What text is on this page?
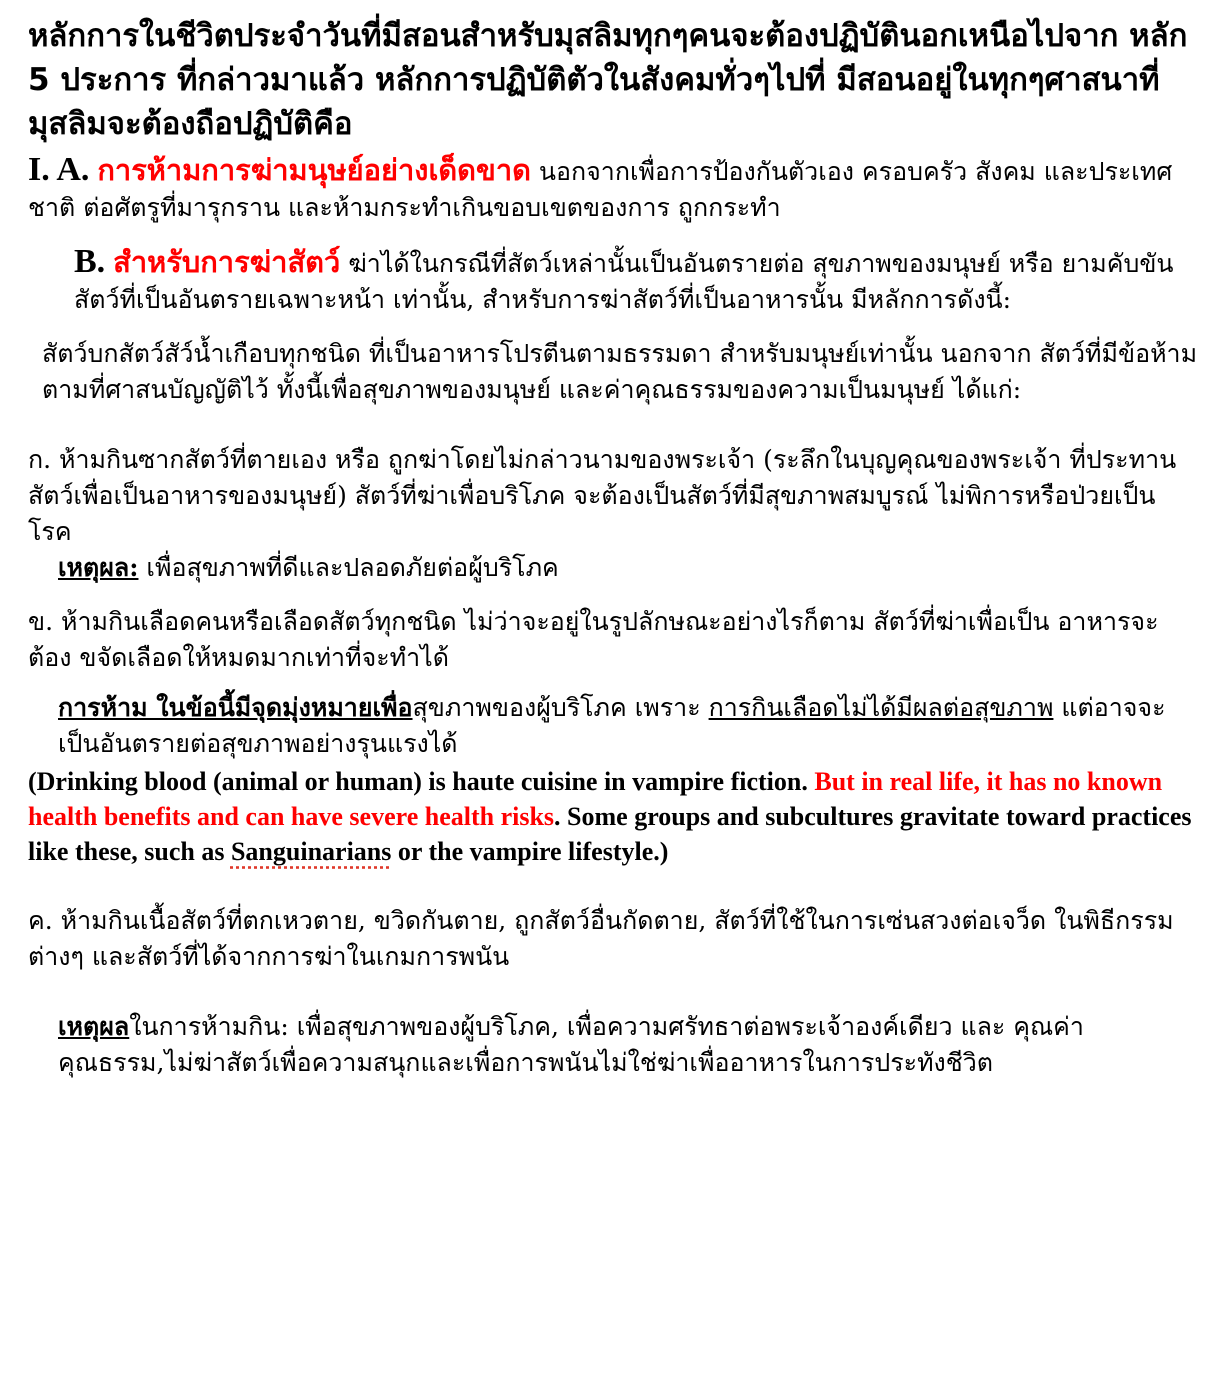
หลักการในชีวิตประจำวันที่มีสอนสำหรับมุสลิมทุกๆคนจะต้องปฏิบัตินอกเหนือไปจาก หลัก 5 ประการ ที่กล่าวมาแล้ว หลักการปฏิบัติตัวในสังคมทั่วๆไปที่ มีสอนอยู่ในทุกๆศาสนาที่มุสลิมจะต้องถือปฏิบัติคือ

I. A. การห้ามการฆ่ามนุษย์อย่างเด็ดขาด นอกจากเพื่อการป้องกันตัวเอง ครอบครัว สังคม และประเทศชาติ ต่อศัตรูที่มารุกราน และห้ามกระทำเกินขอบเขตของการ ถูกกระทำ

B. สำหรับการฆ่าสัตว์ ฆ่าได้ในกรณีที่สัตว์เหล่านั้นเป็นอันตรายต่อ สุขภาพของมนุษย์ หรือ ยามคับขัน สัตว์ที่เป็นอันตรายเฉพาะหน้า เท่านั้น, สำหรับการฆ่าสัตว์ที่เป็นอาหารนั้น มีหลักการดังนี้:

สัตว์บกสัตว์สัว์น้ำเกือบทุกชนิด ที่เป็นอาหารโปรตีนตามธรรมดา สำหรับมนุษย์เท่านั้น นอกจาก สัตว์ที่มีข้อห้ามตามที่ศาสนบัญญัติไว้ ทั้งนี้เพื่อสุขภาพของมนุษย์ และค่าคุณธรรมของความเป็นมนุษย์ ได้แก่:

ก. ห้ามกินซากสัตว์ที่ตายเอง หรือ ถูกฆ่าโดยไม่กล่าวนามของพระเจ้า (ระลึกในบุญคุณของพระเจ้า ที่ประทานสัตว์เพื่อเป็นอาหารของมนุษย์) สัตว์ที่ฆ่าเพื่อบริโภค จะต้องเป็นสัตว์ที่มีสุขภาพสมบูรณ์ ไม่พิการหรือป่วยเป็นโรค

เหตุผล: เพื่อสุขภาพที่ดีและปลอดภัยต่อผู้บริโภค

ข. ห้ามกินเลือดคนหรือเลือดสัตว์ทุกชนิด ไม่ว่าจะอยู่ในรูปลักษณะอย่างไรก็ตาม สัตว์ที่ฆ่าเพื่อเป็น อาหารจะต้อง ขจัดเลือดให้หมดมากเท่าที่จะทำได้

การห้าม ในข้อนี้มีจุดมุ่งหมายเพื่อสุขภาพของผู้บริโภค เพราะ การกินเลือดไม่ได้มีผลต่อสุขภาพ แต่อาจจะเป็นอันตรายต่อสุขภาพอย่างรุนแรงได้

(Drinking blood (animal or human) is haute cuisine in vampire fiction. But in real life, it has no known health benefits and can have severe health risks. Some groups and subcultures gravitate toward practices like these, such as Sanguinarians or the vampire lifestyle.)

ค. ห้ามกินเนื้อสัตว์ที่ตกเหวตาย, ขวิดกันตาย, ถูกสัตว์อื่นกัดตาย, สัตว์ที่ใช้ในการเซ่นสวงต่อเจว็ด ในพิธีกรรมต่างๆ และสัตว์ที่ได้จากการฆ่าในเกมการพนัน

เหตุผลในการห้ามกิน: เพื่อสุขภาพของผู้บริโภค, เพื่อความศรัทธาต่อพระเจ้าองค์เดียว และ คุณค่าคุณธรรม,ไม่ฆ่าสัตว์เพื่อความสนุกและเพื่อการพนันไม่ใช่ฆ่าเพื่ออาหารในการประทังชีวิต
